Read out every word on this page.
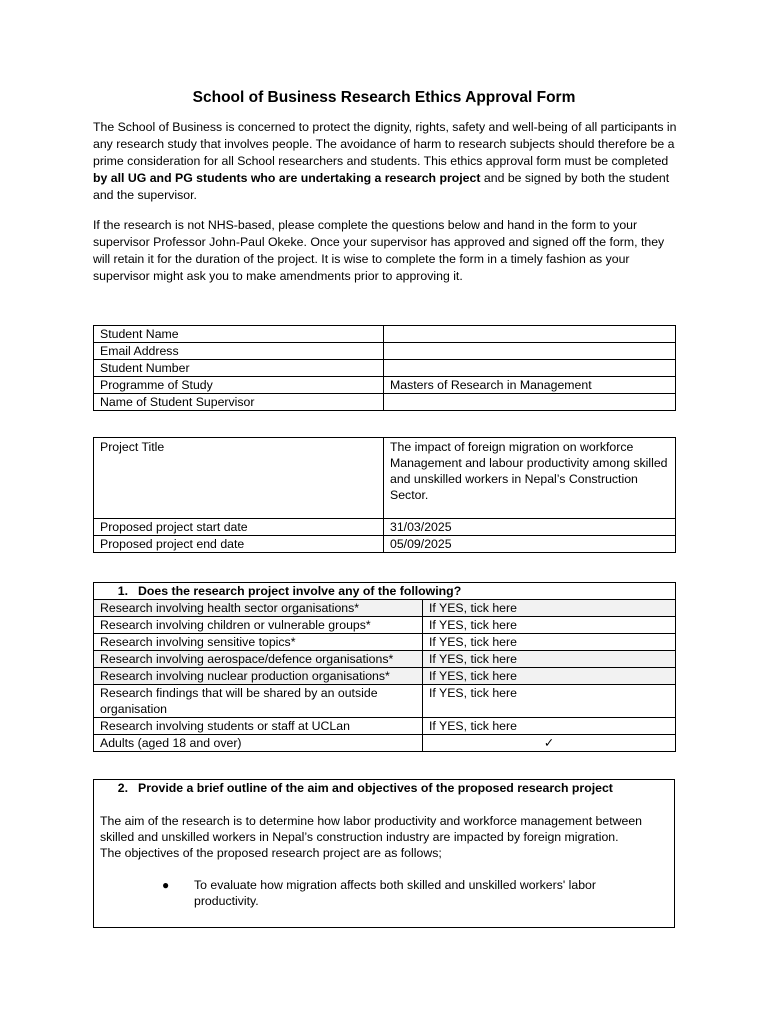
School of Business Research Ethics Approval Form

The School of Business is concerned to protect the dignity, rights, safety and well-being of all participants in any research study that involves people. The avoidance of harm to research subjects should therefore be a prime consideration for all School researchers and students. This ethics approval form must be completed by all UG and PG students who are undertaking a research project and be signed by both the student and the supervisor.

If the research is not NHS-based, please complete the questions below and hand in the form to your supervisor Professor John-Paul Okeke. Once your supervisor has approved and signed off the form, they will retain it for the duration of the project. It is wise to complete the form in a timely fashion as your supervisor might ask you to make amendments prior to approving it.

Student Name	
Email Address	
Student Number	
Programme of Study	Masters of Research in Management
Name of Student Supervisor	
Project Title	The impact of foreign migration on workforce Management and labour productivity among skilled and unskilled workers in Nepal’s Construction Sector.
Proposed project start date	31/03/2025
Proposed project end date	05/09/2025
1. Does the research project involve any of the following?	
Research involving health sector organisations*	If YES, tick here
Research involving children or vulnerable groups*	If YES, tick here
Research involving sensitive topics*	If YES, tick here
Research involving aerospace/defence organisations*	If YES, tick here
Research involving nuclear production organisations*	If YES, tick here
Research findings that will be shared by an outside organisation	If YES, tick here
Research involving students or staff at UCLan	If YES, tick here
Adults (aged 18 and over)	✓
2. Provide a brief outline of the aim and objectives of the proposed research project
The aim of the research is to determine how labor productivity and workforce management between skilled and unskilled workers in Nepal’s construction industry are impacted by foreign migration.
The objectives of the proposed research project are as follows;
●	To evaluate how migration affects both skilled and unskilled workers' labor productivity.
